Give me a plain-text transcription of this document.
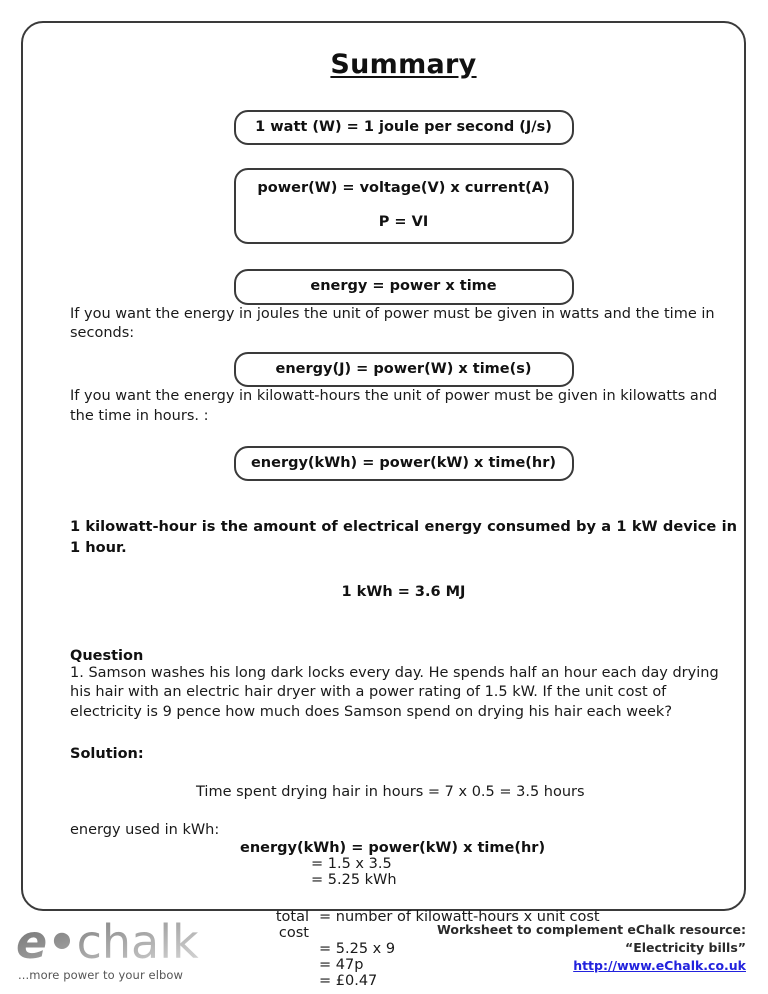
Summary
1 watt (W) = 1 joule per second (J/s)
power(W) = voltage(V) x current(A)
P = VI
energy = power x time

If you want the energy in joules the unit of power must be given in watts and the time in seconds:

energy(J) = power(W) x time(s)

If you want the energy in kilowatt-hours the unit of power must be given in kilowatts and the time in hours. :

energy(kWh) = power(kW) x time(hr)

1 kilowatt-hour is the amount of electrical energy consumed by a 1 kW device in 1 hour.

1 kWh = 3.6 MJ

Question

1. Samson washes his long dark locks every day. He spends half an hour each day drying his hair with an electric hair dryer with a power rating of 1.5 kW. If the unit cost of electricity is 9 pence how much does Samson spend on drying his hair each week?

Solution:

Time spent drying hair in hours = 7 x 0.5 = 3.5 hours

energy used in kWh:

energy(kWh) = power(kW) x time(hr)
= 1.5 x 3.5
= 5.25 kWh
total cost
= number of kilowatt-hours x unit cost
= 5.25 x 9
= 47p
= £0.47
e•chalk
...more power to your elbow
Worksheet to complement eChalk resource:
“Electricity bills”
http://www.eChalk.co.uk
